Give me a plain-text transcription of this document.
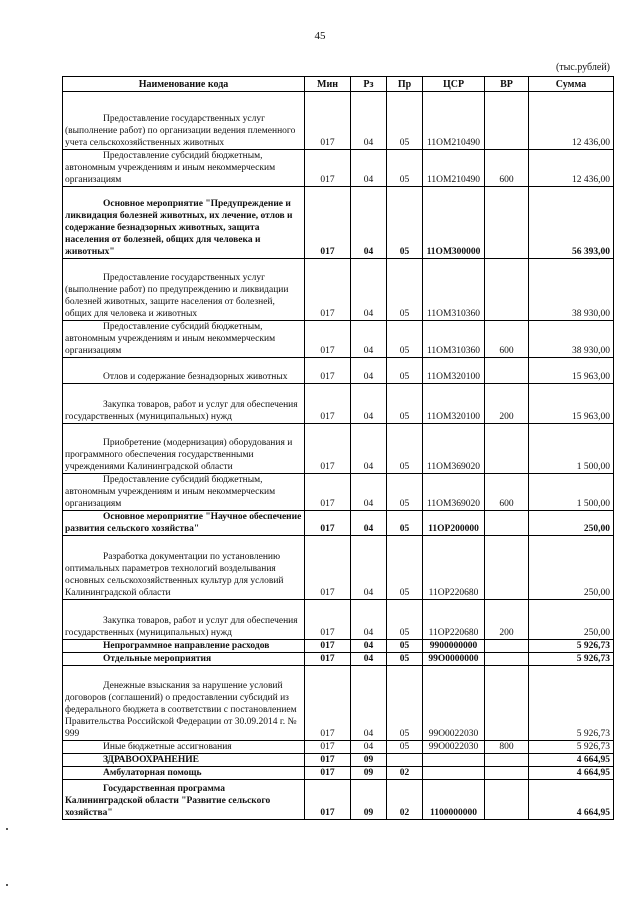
45
(тыс.рублей)
Наименование кода	Мин	Рз	Пр	ЦСР	ВР	Сумма

Предоставление государственных услуг (выполнение работ) по организации ведения племенного учета сельскохозяйственных животных	017	04	05	11ОМ210490		12 436,00

Предоставление субсидий бюджетным, автономным учреждениям и иным некоммерческим организациям	017	04	05	11ОМ210490	600	12 436,00

Основное мероприятие "Предупреждение и ликвидация болезней животных, их лечение, отлов и содержание безнадзорных животных, защита населения от болезней, общих для человека и животных"	017	04	05	11ОМ300000		56 393,00

Предоставление государственных услуг (выполнение работ) по предупреждению и ликвидации болезней животных, защите населения от болезней, общих для человека и животных	017	04	05	11ОМ310360		38 930,00

Предоставление субсидий бюджетным, автономным учреждениям и иным некоммерческим организациям	017	04	05	11ОМ310360	600	38 930,00

Отлов и содержание безнадзорных животных	017	04	05	11ОМ320100		15 963,00

Закупка товаров, работ и услуг для обеспечения государственных (муниципальных) нужд	017	04	05	11ОМ320100	200	15 963,00

Приобретение (модернизация) оборудования и программного обеспечения государственными учреждениями Калининградской области	017	04	05	11ОМ369020		1 500,00

Предоставление субсидий бюджетным, автономным учреждениям и иным некоммерческим организациям	017	04	05	11ОМ369020	600	1 500,00

Основное мероприятие "Научное обеспечение развития сельского хозяйства"	017	04	05	11ОР200000		250,00

Разработка документации по установлению оптимальных параметров технологий возделывания основных сельскохозяйственных культур для условий Калининградской области	017	04	05	11ОР220680		250,00

Закупка товаров, работ и услуг для обеспечения государственных (муниципальных) нужд	017	04	05	11ОР220680	200	250,00

Непрограммное направление расходов	017	04	05	9900000000		5 926,73

Отдельные мероприятия	017	04	05	99О0000000		5 926,73

Денежные взыскания за нарушение условий договоров (соглашений) о предоставлении субсидий из федерального бюджета в соответствии с постановлением Правительства Российской Федерации от 30.09.2014 г. № 999	017	04	05	99О0022030		5 926,73

Иные бюджетные ассигнования	017	04	05	99О0022030	800	5 926,73

ЗДРАВООХРАНЕНИЕ	017	09				4 664,95

Амбулаторная помощь	017	09	02			4 664,95

Государственная программа Калининградской области "Развитие сельского хозяйства"	017	09	02	1100000000		4 664,95
